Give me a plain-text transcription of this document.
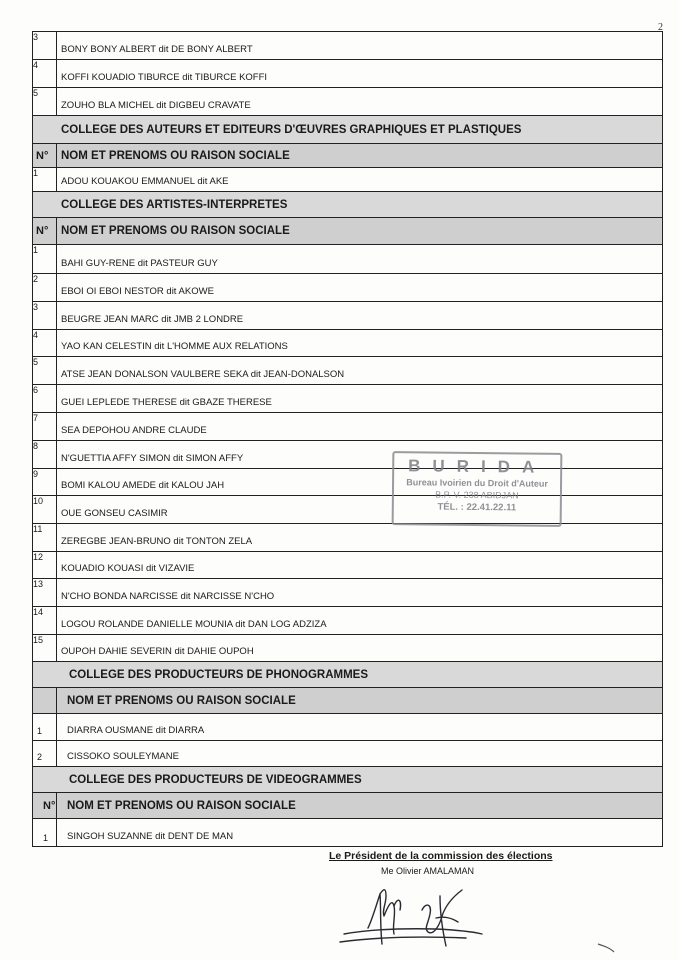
2
3	BONY BONY ALBERT dit DE BONY ALBERT
4	KOFFI KOUADIO TIBURCE dit TIBURCE KOFFI
5	ZOUHO BLA MICHEL dit DIGBEU CRAVATE
COLLEGE DES AUTEURS ET EDITEURS D'ŒUVRES GRAPHIQUES ET PLASTIQUES	
N°	NOM ET PRENOMS OU RAISON SOCIALE
1	ADOU KOUAKOU EMMANUEL dit AKE
COLLEGE DES ARTISTES-INTERPRETES	
N°	NOM ET PRENOMS OU RAISON SOCIALE
1	BAHI GUY-RENE dit PASTEUR GUY
2	EBOI OI EBOI NESTOR dit AKOWE
3	BEUGRE JEAN MARC dit JMB 2 LONDRE
4	YAO KAN CELESTIN dit L'HOMME AUX RELATIONS
5	ATSE JEAN DONALSON VAULBERE SEKA dit JEAN-DONALSON
6	GUEI LEPLEDE THERESE dit GBAZE THERESE
7	SEA DEPOHOU ANDRE CLAUDE
8	N'GUETTIA AFFY SIMON dit SIMON AFFY
9	BOMI KALOU AMEDE dit KALOU JAH
10	OUE GONSEU CASIMIR
11	ZEREGBE JEAN-BRUNO dit TONTON ZELA
12	KOUADIO KOUASI dit VIZAVIE
13	N'CHO BONDA NARCISSE dit NARCISSE N'CHO
14	LOGOU ROLANDE DANIELLE MOUNIA dit DAN LOG ADZIZA
15	OUPOH DAHIE SEVERIN dit DAHIE OUPOH
COLLEGE DES PRODUCTEURS DE PHONOGRAMMES	
	NOM ET PRENOMS OU RAISON SOCIALE
1	DIARRA OUSMANE dit DIARRA
2	CISSOKO SOULEYMANE
COLLEGE DES PRODUCTEURS DE VIDEOGRAMMES	
N°	NOM ET PRENOMS OU RAISON SOCIALE
1	SINGOH SUZANNE dit DENT DE MAN
BURIDA
Bureau Ivoirien du Droit d'Auteur
B.P. V. 238 ABIDJAN
TÉL. : 22.41.22.11
Le Président de la commission des élections
Me Olivier AMALAMAN
